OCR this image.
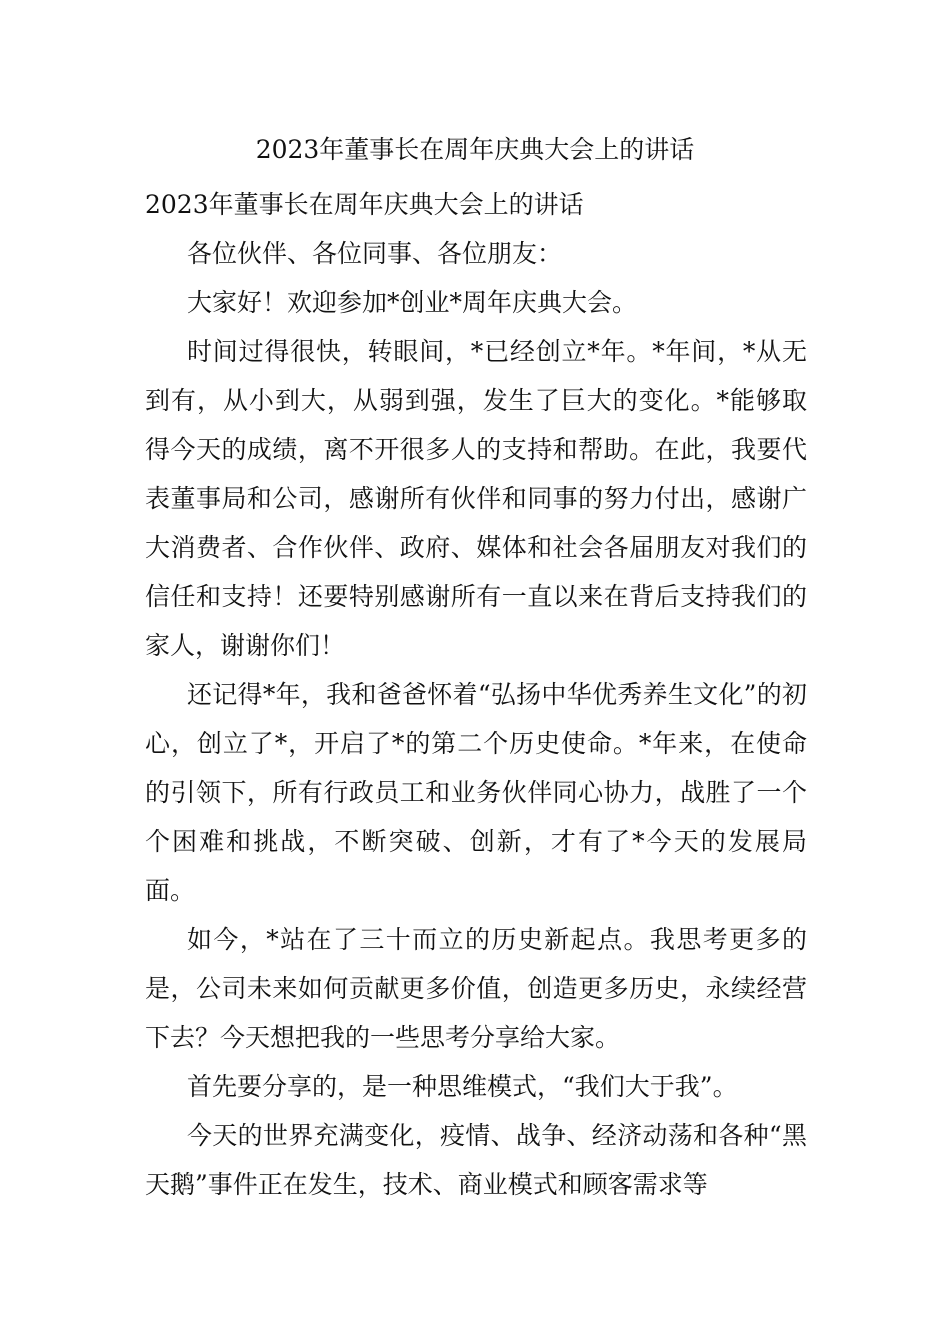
2023年董事长在周年庆典大会上的讲话

2023年董事长在周年庆典大会上的讲话

各位伙伴、各位同事、各位朋友：

大家好！欢迎参加*创业*周年庆典大会。

时间过得很快，转眼间，*已经创立*年。*年间，*从无到有，从小到大，从弱到强，发生了巨大的变化。*能够取得今天的成绩，离不开很多人的支持和帮助。在此，我要代表董事局和公司，感谢所有伙伴和同事的努力付出，感谢广大消费者、合作伙伴、政府、媒体和社会各届朋友对我们的信任和支持！还要特别感谢所有一直以来在背后支持我们的家人，谢谢你们！

还记得*年，我和爸爸怀着“弘扬中华优秀养生文化”的初心，创立了*，开启了*的第二个历史使命。*年来，在使命的引领下，所有行政员工和业务伙伴同心协力，战胜了一个个困难和挑战，不断突破、创新，才有了*今天的发展局面。

如今，*站在了三十而立的历史新起点。我思考更多的是，公司未来如何贡献更多价值，创造更多历史，永续经营下去？今天想把我的一些思考分享给大家。

首先要分享的，是一种思维模式，“我们大于我”。

今天的世界充满变化，疫情、战争、经济动荡和各种“黑天鹅”事件正在发生，技术、商业模式和顾客需求等
